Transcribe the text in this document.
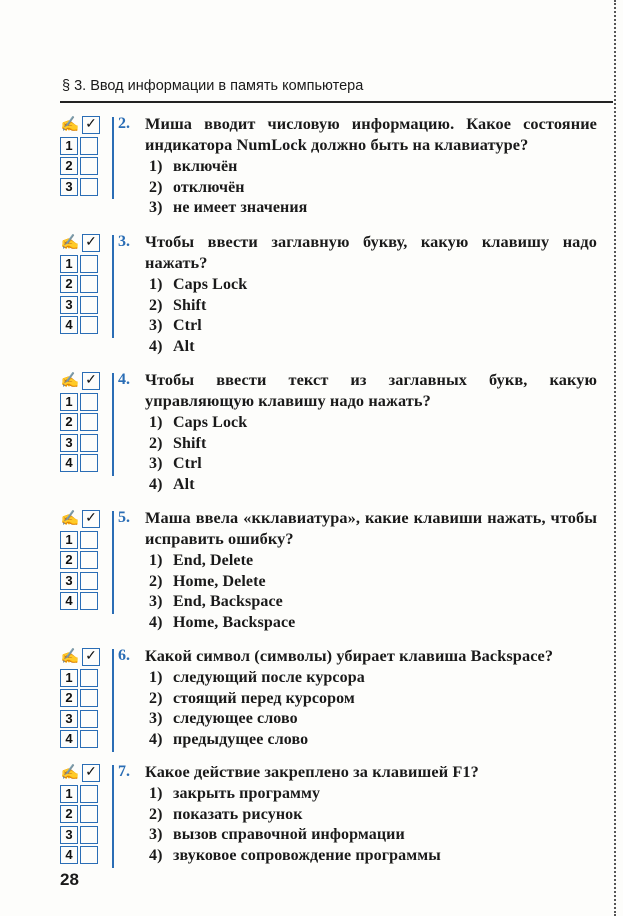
§ 3. Ввод информации в память компьютера
✍ ✓
1
2
3
2. Миша вводит числовую информацию. Какое состояние индикатора NumLock должно быть на клавиатуре?
1) включён
2) отключён
3) не имеет значения
✍ ✓
1
2
3
4
3. Чтобы ввести заглавную букву, какую клавишу надо нажать?
1) Caps Lock
2) Shift
3) Ctrl
4) Alt
✍ ✓
1
2
3
4
4. Чтобы ввести текст из заглавных букв, какую управляющую клавишу надо нажать?
1) Caps Lock
2) Shift
3) Ctrl
4) Alt
✍ ✓
1
2
3
4
5. Маша ввела «кклавиатура», какие клавиши нажать, чтобы исправить ошибку?
1) End, Delete
2) Home, Delete
3) End, Backspace
4) Home, Backspace
✍ ✓
1
2
3
4
6. Какой символ (символы) убирает клавиша Backspace?
1) следующий после курсора
2) стоящий перед курсором
3) следующее слово
4) предыдущее слово
✍ ✓
1
2
3
4
7. Какое действие закреплено за клавишей F1?
1) закрыть программу
2) показать рисунок
3) вызов справочной информации
4) звуковое сопровождение программы
28
